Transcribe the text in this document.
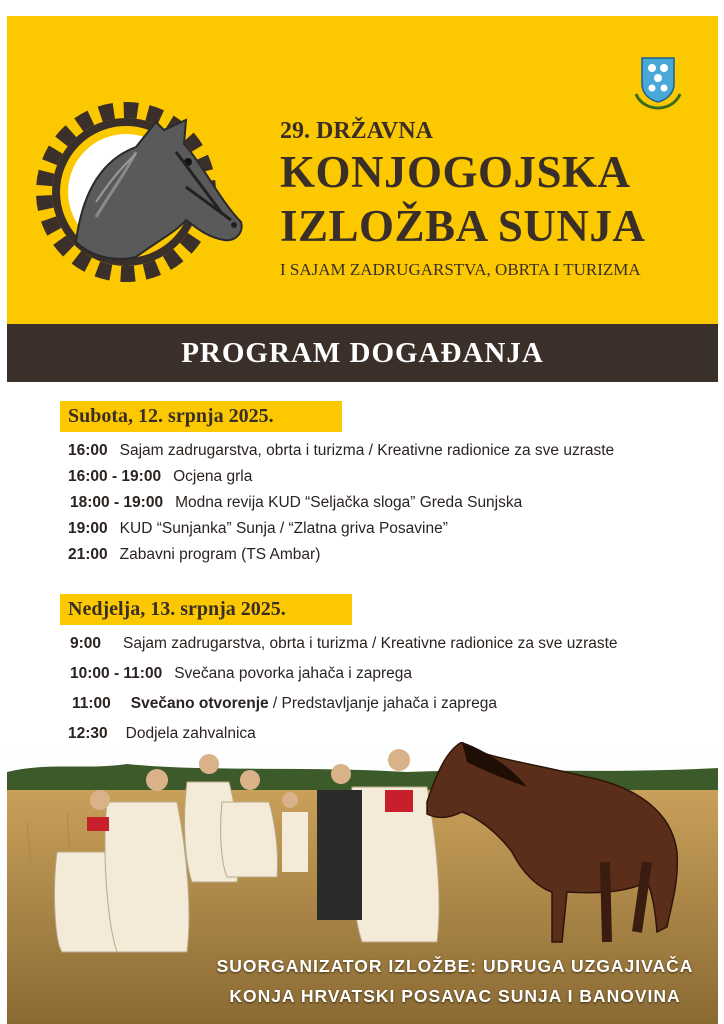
29. DRŽAVNA
KONJOGOJSKA
IZLOŽBA SUNJA
I SAJAM ZADRUGARSTVA, OBRTA I TURIZMA
PROGRAM DOGAĐANJA
Subota, 12. srpnja 2025.
16:00 Sajam zadrugarstva, obrta i turizma / Kreativne radionice za sve uzraste
16:00 - 19:00 Ocjena grla
18:00 - 19:00 Modna revija KUD “Seljačka sloga” Greda Sunjska
19:00 KUD “Sunjanka” Sunja / “Zlatna griva Posavine”
21:00 Zabavni program (TS Ambar)
Nedjelja, 13. srpnja 2025.
9:00 Sajam zadrugarstva, obrta i turizma / Kreativne radionice za sve uzraste
10:00 - 11:00 Svečana povorka jahača i zaprega
11:00 Svečano otvorenje / Predstavljanje jahača i zaprega
12:30 Dodjela zahvalnica
SUORGANIZATOR IZLOŽBE: UDRUGA UZGAJIVAČA
KONJA HRVATSKI POSAVAC SUNJA I BANOVINA
